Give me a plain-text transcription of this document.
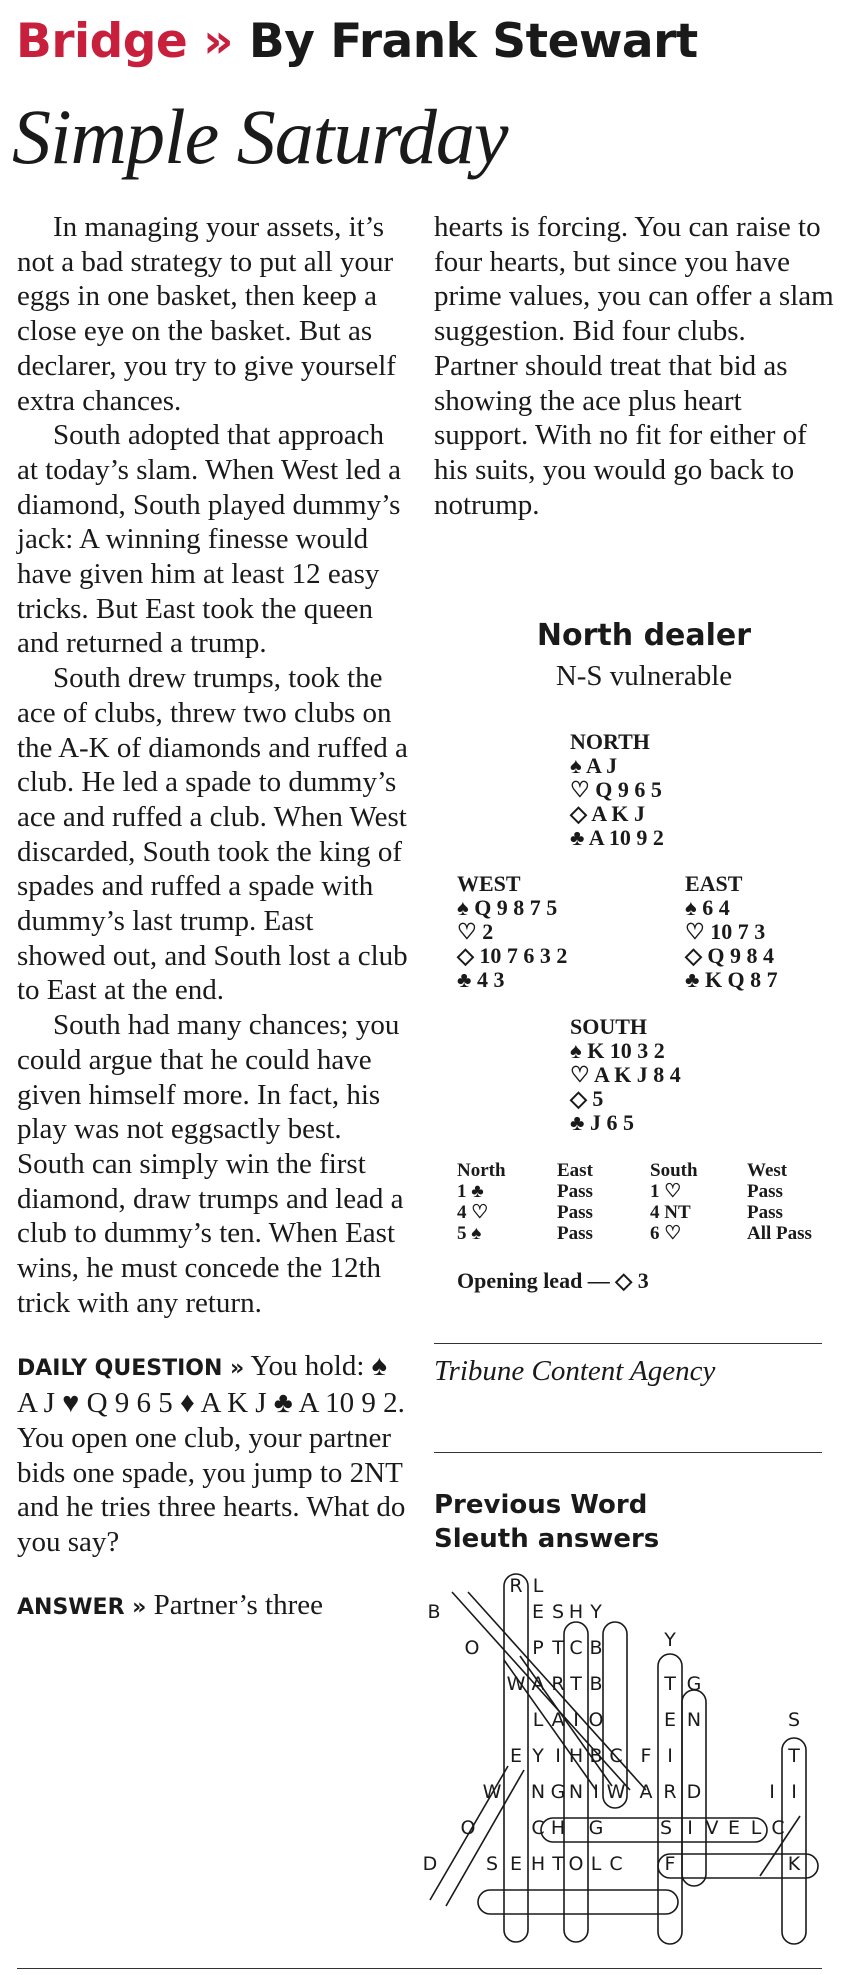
Bridge » By Frank Stewart
Simple Saturday

In managing your assets, it’s not a bad strategy to put all your eggs in one basket, then keep a close eye on the basket. But as declarer, you try to give yourself extra chances.

South adopted that approach at today’s slam. When West led a diamond, South played dummy’s jack: A winning finesse would have given him at least 12 easy tricks. But East took the queen and returned a trump.

South drew trumps, took the ace of clubs, threw two clubs on the A-K of diamonds and ruffed a club. He led a spade to dummy’s ace and ruffed a club. When West discarded, South took the king of spades and ruffed a spade with dummy’s last trump. East showed out, and South lost a club to East at the end.

South had many chances; you could argue that he could have given himself more. In fact, his play was not eggsactly best. South can simply win the first diamond, draw trumps and lead a club to dummy’s ten. When East wins, he must concede the 12th trick with any return.

DAILY QUESTION » You hold: ♠ A J ♥ Q 9 6 5 ♦ A K J ♣ A 10 9 2. You open one club, your partner bids one spade, you jump to 2NT and he tries three hearts. What do you say?

ANSWER » Partner’s three

hearts is forcing. You can raise to four hearts, but since you have prime values, you can offer a slam suggestion. Bid four clubs. Partner should treat that bid as showing the ace plus heart support. With no fit for either of his suits, you would go back to notrump.

North dealer
N-S vulnerable
NORTH
♠ A J
♡ Q 9 6 5
◇ A K J
♣ A 10 9 2
WEST
♠ Q 9 8 7 5
♡ 2
◇ 10 7 6 3 2
♣ 4 3
EAST
♠ 6 4
♡ 10 7 3
◇ Q 9 8 4
♣ K Q 8 7
SOUTH
♠ K 10 3 2
♡ A K J 8 4
◇ 5
♣ J 6 5
North	East	South	West
1 ♣	Pass	1 ♡	Pass
4 ♡	Pass	4 NT	Pass
5 ♠	Pass	6 ♡	All Pass
Opening lead — ◇ 3
Tribune Content Agency
Previous Word
Sleuth answers
B
O
R L
E S H Y
P T C B	Y
W A R T B	T G
L A I O	E N	S
E Y I H B C F I	T
W N G N I W A R D	I I
O	C H G	S I V E L C
D	S E H T O L C F	K
